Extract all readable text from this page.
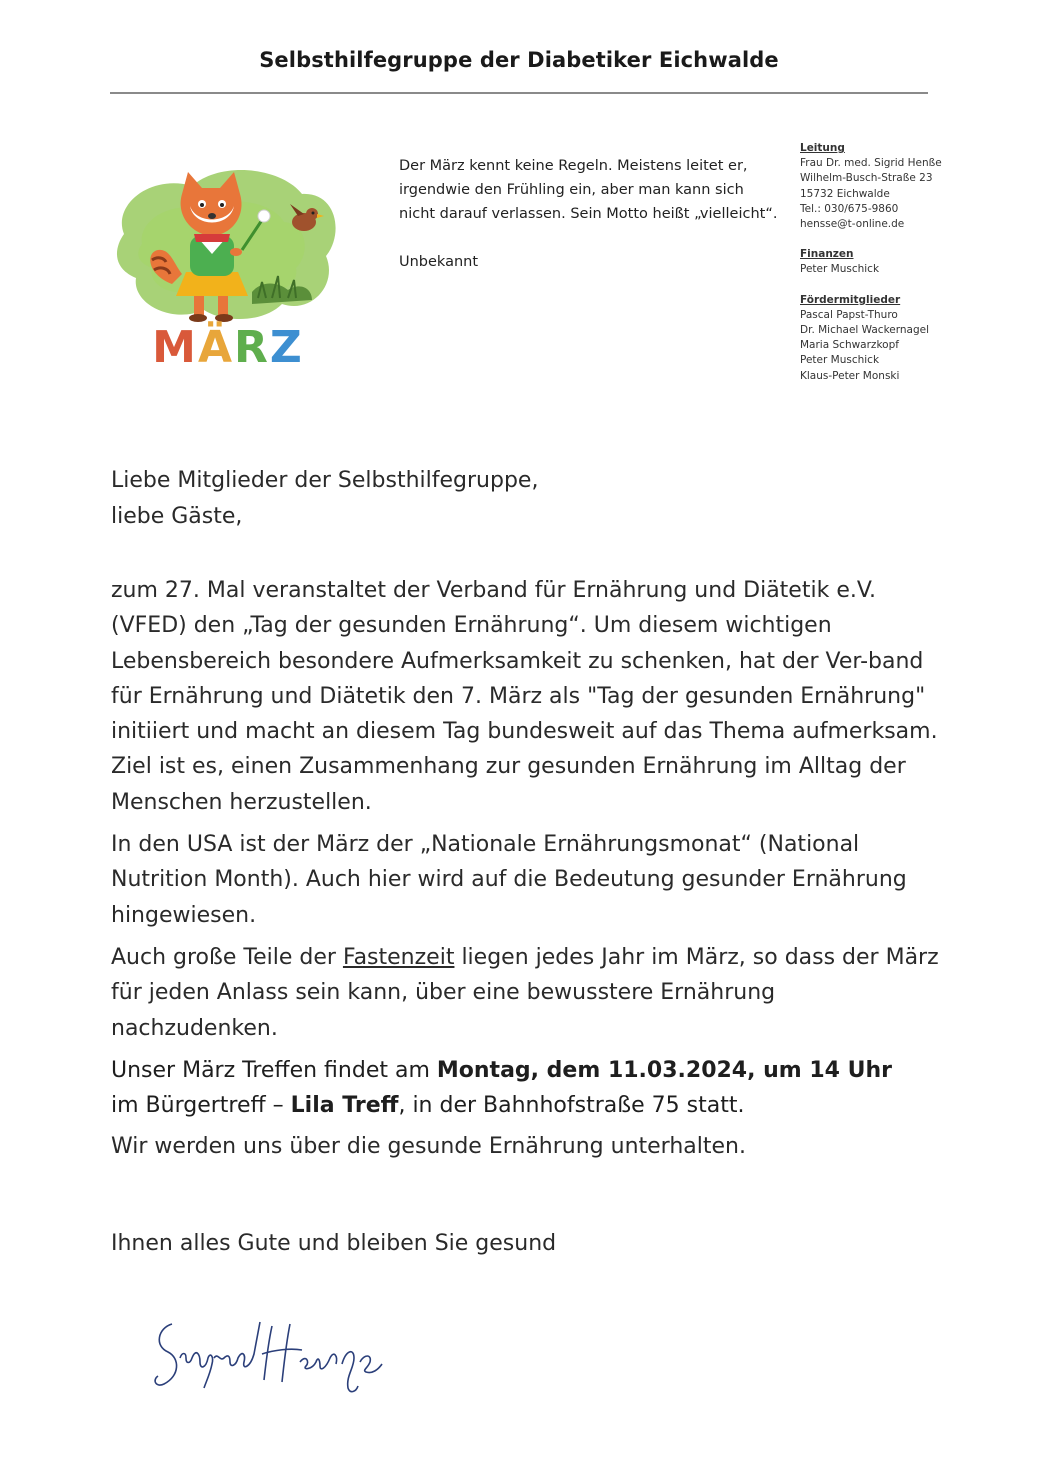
Selbsthilfegruppe der Diabetiker Eichwalde
MÄRZ

Der März kennt keine Regeln. Meistens leitet er, irgendwie den Frühling ein, aber man kann sich nicht darauf verlassen. Sein Motto heißt „vielleicht“.

Unbekannt

Leitung
Frau Dr. med. Sigrid Henße
Wilhelm-Busch-Straße 23
15732 Eichwalde
Tel.: 030/675-9860
hensse@t-online.de
Finanzen
Peter Muschick
Fördermitglieder
Pascal Papst-Thuro
Dr. Michael Wackernagel
Maria Schwarzkopf
Peter Muschick
Klaus-Peter Monski
Liebe Mitglieder der Selbsthilfegruppe,
liebe Gäste,

zum 27. Mal veranstaltet der Verband für Ernährung und Diätetik e.V. (VFED) den „Tag der gesunden Ernährung“. Um diesem wichtigen Lebensbereich besondere Aufmerksamkeit zu schenken, hat der Ver-band für Ernährung und Diätetik den 7. März als "Tag der gesunden Ernährung" initiiert und macht an diesem Tag bundesweit auf das Thema aufmerksam. Ziel ist es, einen Zusammenhang zur gesunden Ernährung im Alltag der Menschen herzustellen.

In den USA ist der März der „Nationale Ernährungsmonat“ (National Nutrition Month). Auch hier wird auf die Bedeutung gesunder Ernährung hingewiesen.

Auch große Teile der Fastenzeit liegen jedes Jahr im März, so dass der März für jeden Anlass sein kann, über eine bewusstere Ernährung nachzudenken.

Unser März Treffen findet am Montag, dem 11.03.2024, um 14 Uhr
im Bürgertreff – Lila Treff, in der Bahnhofstraße 75 statt.

Wir werden uns über die gesunde Ernährung unterhalten.

Ihnen alles Gute und bleiben Sie gesund
